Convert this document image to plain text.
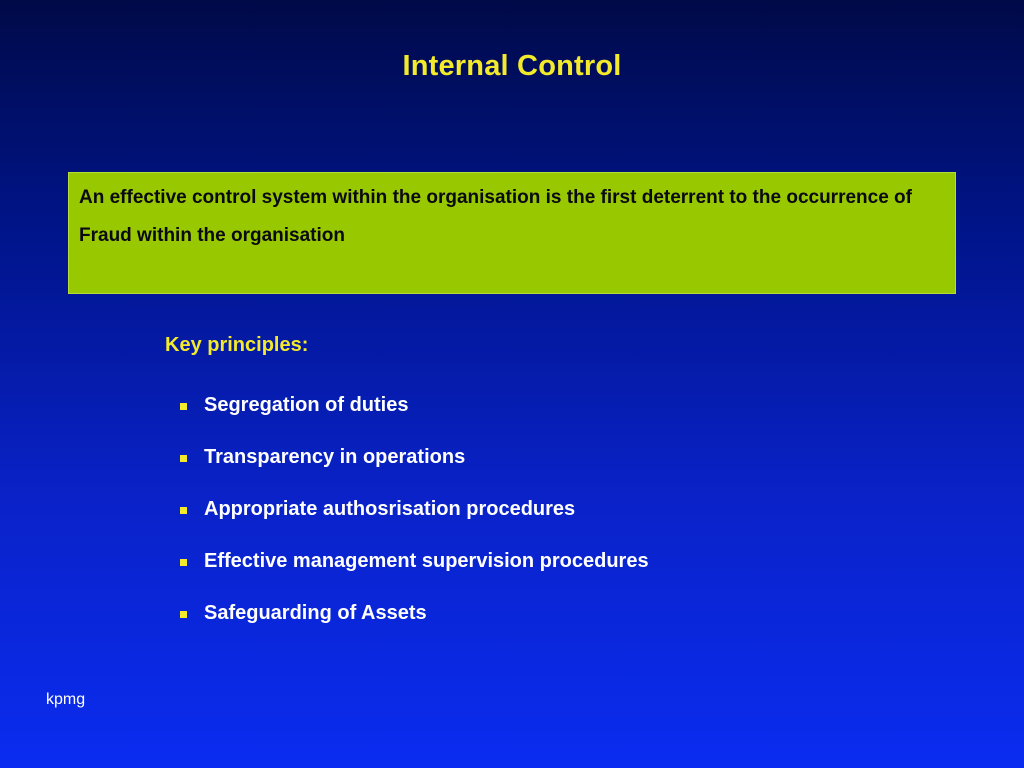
Internal Control

An effective control system within the organisation is the first deterrent to the occurrence of Fraud within the organisation

Key principles:
Segregation of duties
Transparency in operations
Appropriate authosrisation procedures
Effective management supervision procedures
Safeguarding of Assets
kpmg
